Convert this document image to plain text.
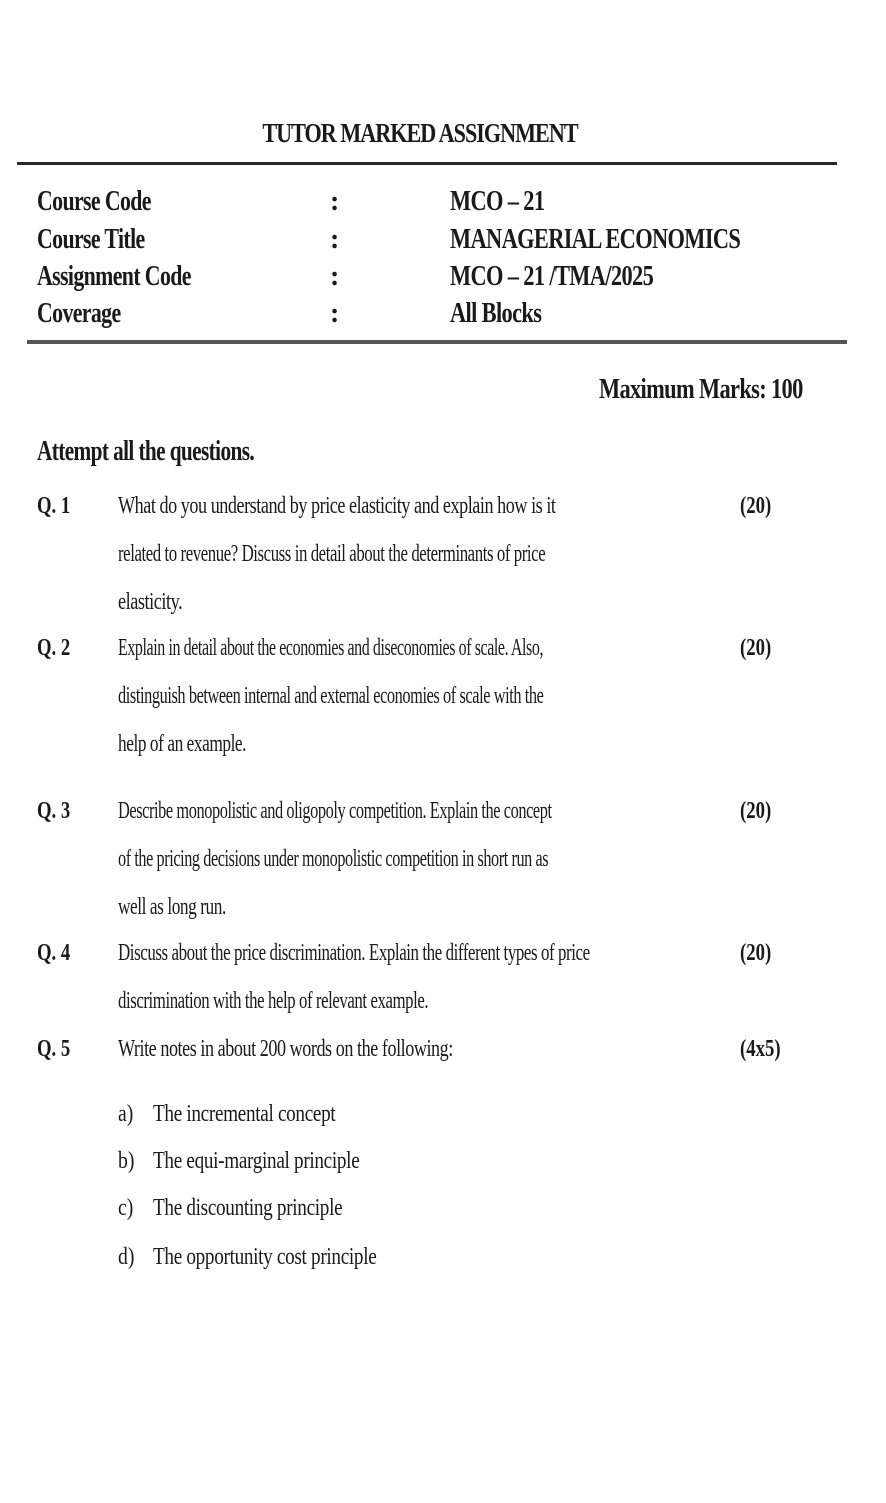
TUTOR MARKED ASSIGNMENT
Course Code	:	MCO – 21
Course Title	:	MANAGERIAL ECONOMICS
Assignment Code	:	MCO – 21 /TMA/2025
Coverage	:	All Blocks
Maximum Marks: 100
Attempt all the questions.
Q. 1 What do you understand by price elasticity and explain how is it
related to revenue? Discuss in detail about the determinants of price
elasticity.
(20)
Q. 2 Explain in detail about the economies and diseconomies of scale. Also,
distinguish between internal and external economies of scale with the
help of an example.
(20)
Q. 3 Describe monopolistic and oligopoly competition. Explain the concept
of the pricing decisions under monopolistic competition in short run as
well as long run.
(20)
Q. 4 Discuss about the price discrimination. Explain the different types of price
discrimination with the help of relevant example.
(20)
Q. 5 Write notes in about 200 words on the following:	(4x5)
a) The incremental concept
b) The equi-marginal principle
c) The discounting principle
d) The opportunity cost principle
